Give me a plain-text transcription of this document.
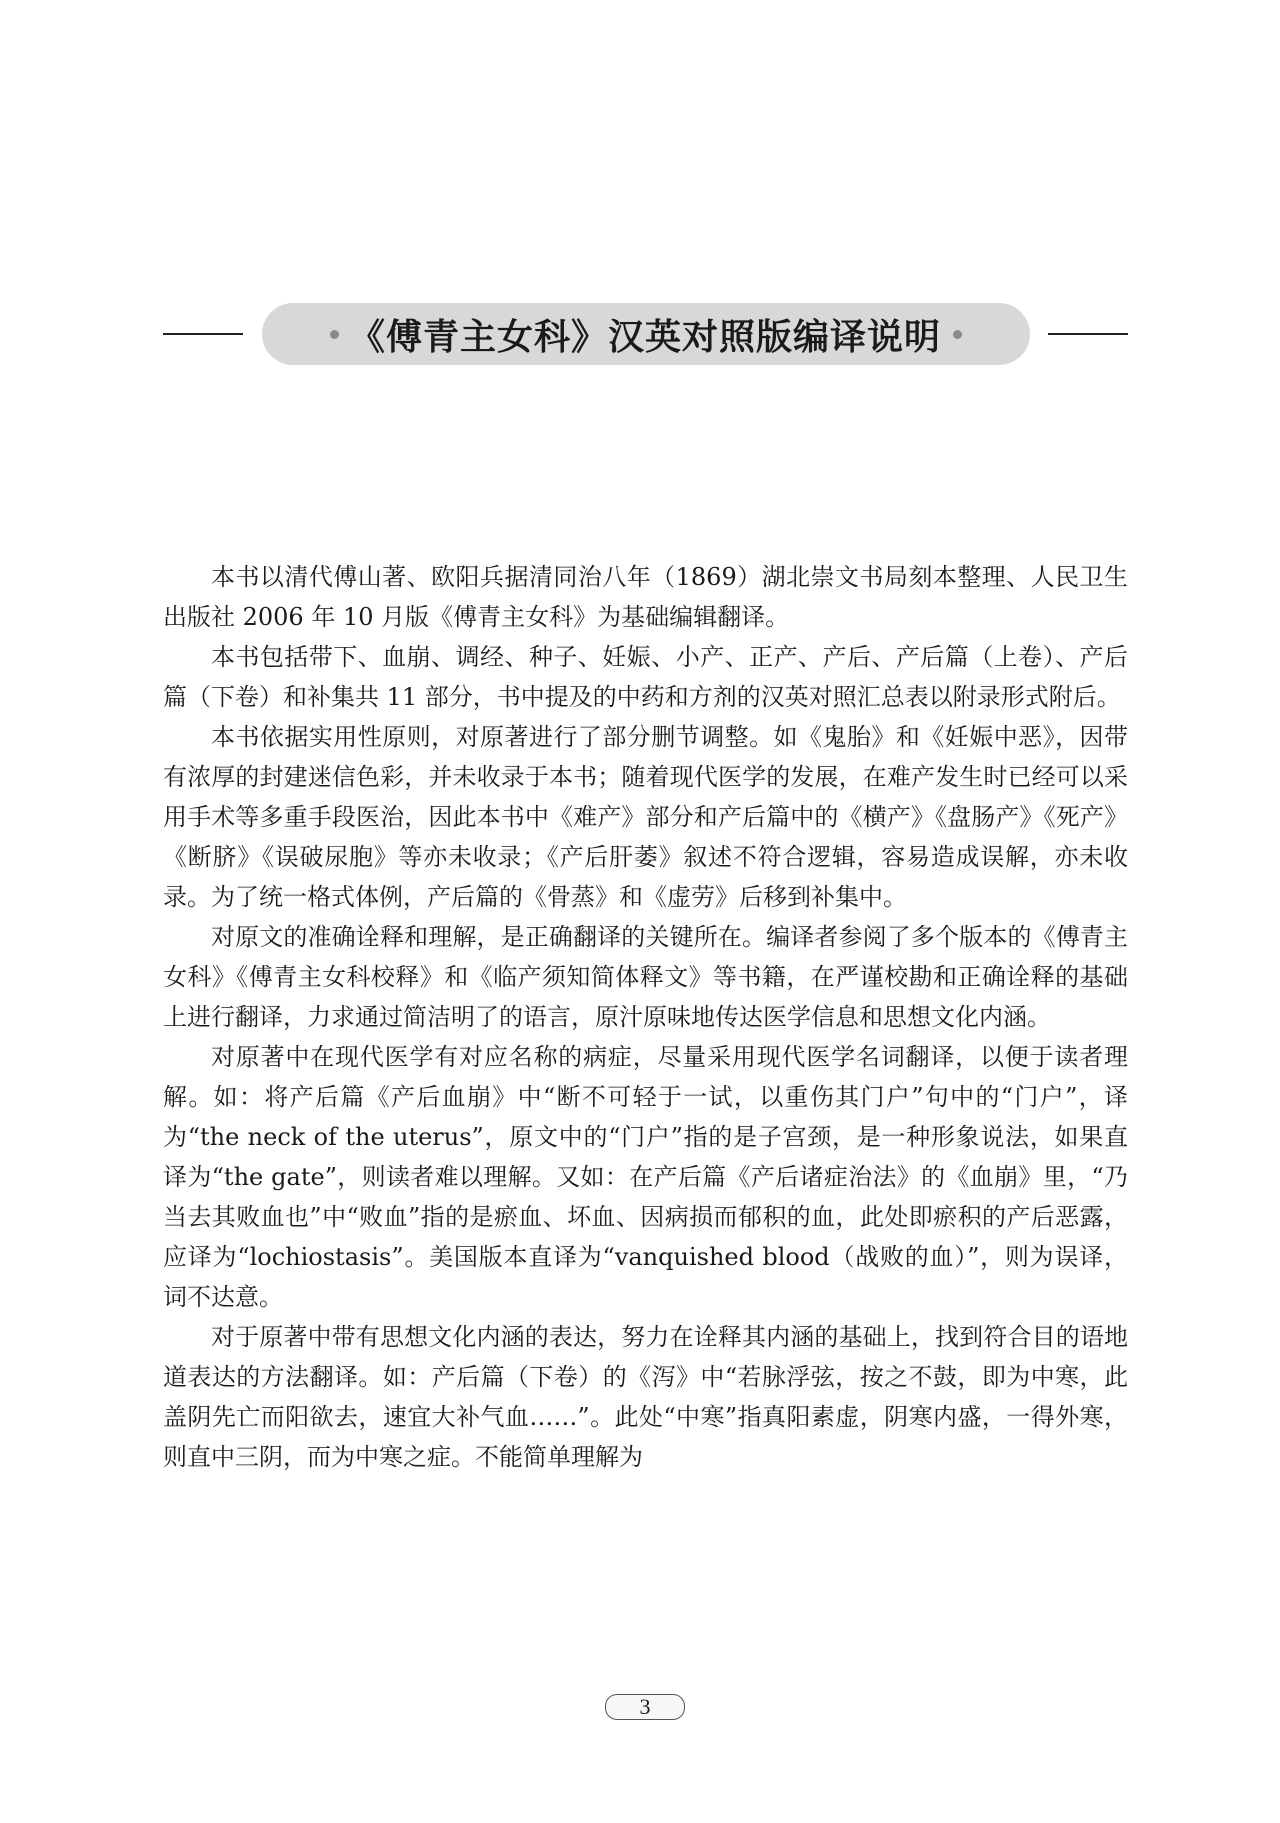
《傅青主女科》汉英对照版编译说明

本书以清代傅山著、欧阳兵据清同治八年（1869）湖北崇文书局刻本整理、人民卫生出版社 2006 年 10 月版《傅青主女科》为基础编辑翻译。

本书包括带下、血崩、调经、种子、妊娠、小产、正产、产后、产后篇（上卷）、产后篇（下卷）和补集共 11 部分，书中提及的中药和方剂的汉英对照汇总表以附录形式附后。

本书依据实用性原则，对原著进行了部分删节调整。如《鬼胎》和《妊娠中恶》，因带有浓厚的封建迷信色彩，并未收录于本书；随着现代医学的发展，在难产发生时已经可以采用手术等多重手段医治，因此本书中《难产》部分和产后篇中的《横产》《盘肠产》《死产》《断脐》《误破尿胞》等亦未收录；《产后肝萎》叙述不符合逻辑，容易造成误解，亦未收录。为了统一格式体例，产后篇的《骨蒸》和《虚劳》后移到补集中。

对原文的准确诠释和理解，是正确翻译的关键所在。编译者参阅了多个版本的《傅青主女科》《傅青主女科校释》和《临产须知简体释文》等书籍，在严谨校勘和正确诠释的基础上进行翻译，力求通过简洁明了的语言，原汁原味地传达医学信息和思想文化内涵。

对原著中在现代医学有对应名称的病症，尽量采用现代医学名词翻译，以便于读者理解。如：将产后篇《产后血崩》中“断不可轻于一试，以重伤其门户”句中的“门户”，译为“the neck of the uterus”，原文中的“门户”指的是子宫颈，是一种形象说法，如果直译为“the gate”，则读者难以理解。又如：在产后篇《产后诸症治法》的《血崩》里，“乃当去其败血也”中“败血”指的是瘀血、坏血、因病损而郁积的血，此处即瘀积的产后恶露，应译为“lochiostasis”。美国版本直译为“vanquished blood（战败的血）”，则为误译，词不达意。

对于原著中带有思想文化内涵的表达，努力在诠释其内涵的基础上，找到符合目的语地道表达的方法翻译。如：产后篇（下卷）的《泻》中“若脉浮弦，按之不鼓，即为中寒，此盖阴先亡而阳欲去，速宜大补气血……”。此处“中寒”指真阳素虚，阴寒内盛，一得外寒，则直中三阴，而为中寒之症。不能简单理解为

3
